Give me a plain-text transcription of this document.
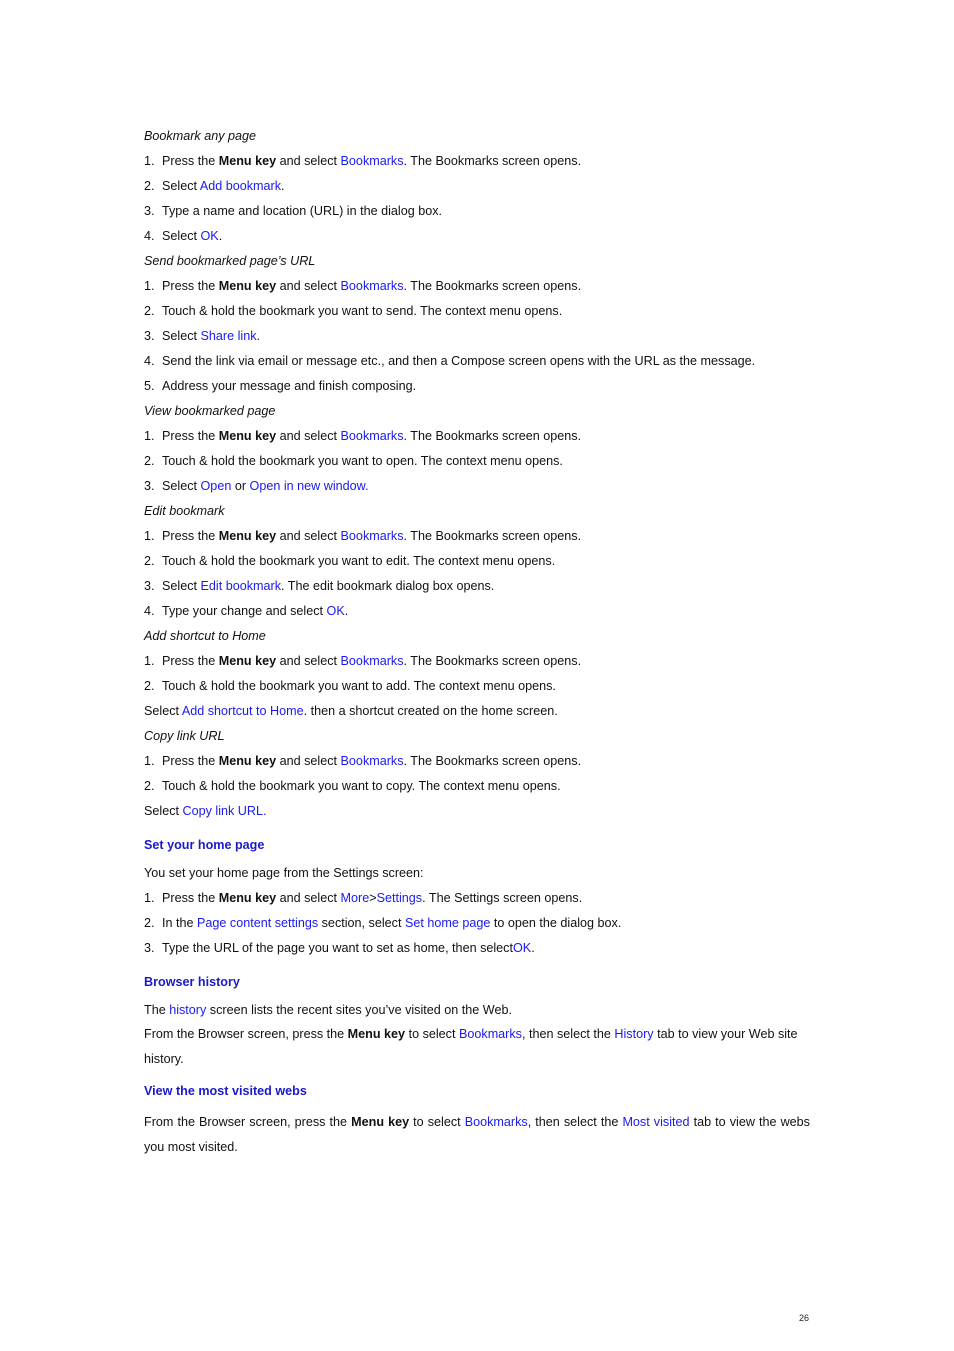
Bookmark any page
1. Press the Menu key and select Bookmarks. The Bookmarks screen opens.
2. Select Add bookmark.
3. Type a name and location (URL) in the dialog box.
4. Select OK.
Send bookmarked page’s URL
1. Press the Menu key and select Bookmarks. The Bookmarks screen opens.
2. Touch & hold the bookmark you want to send. The context menu opens.
3. Select Share link.
4. Send the link via email or message etc., and then a Compose screen opens with the URL as the message.
5. Address your message and finish composing.
View bookmarked page
1. Press the Menu key and select Bookmarks. The Bookmarks screen opens.
2. Touch & hold the bookmark you want to open. The context menu opens.
3. Select Open or Open in new window.
Edit bookmark
1. Press the Menu key and select Bookmarks. The Bookmarks screen opens.
2. Touch & hold the bookmark you want to edit. The context menu opens.
3. Select Edit bookmark. The edit bookmark dialog box opens.
4. Type your change and select OK.
Add shortcut to Home
1. Press the Menu key and select Bookmarks. The Bookmarks screen opens.
2. Touch & hold the bookmark you want to add. The context menu opens.
Select Add shortcut to Home. then a shortcut created on the home screen.
Copy link URL
1. Press the Menu key and select Bookmarks. The Bookmarks screen opens.
2. Touch & hold the bookmark you want to copy. The context menu opens.
Select Copy link URL.
Set your home page
You set your home page from the Settings screen:
1. Press the Menu key and select More>Settings. The Settings screen opens.
2. In the Page content settings section, select Set home page to open the dialog box.
3. Type the URL of the page you want to set as home, then selectOK.
Browser history
The history screen lists the recent sites you’ve visited on the Web.
From the Browser screen, press the Menu key to select Bookmarks, then select the History tab to view your Web site history.
View the most visited webs
From the Browser screen, press the Menu key to select Bookmarks, then select the Most visited tab to view the webs you most visited.
26
